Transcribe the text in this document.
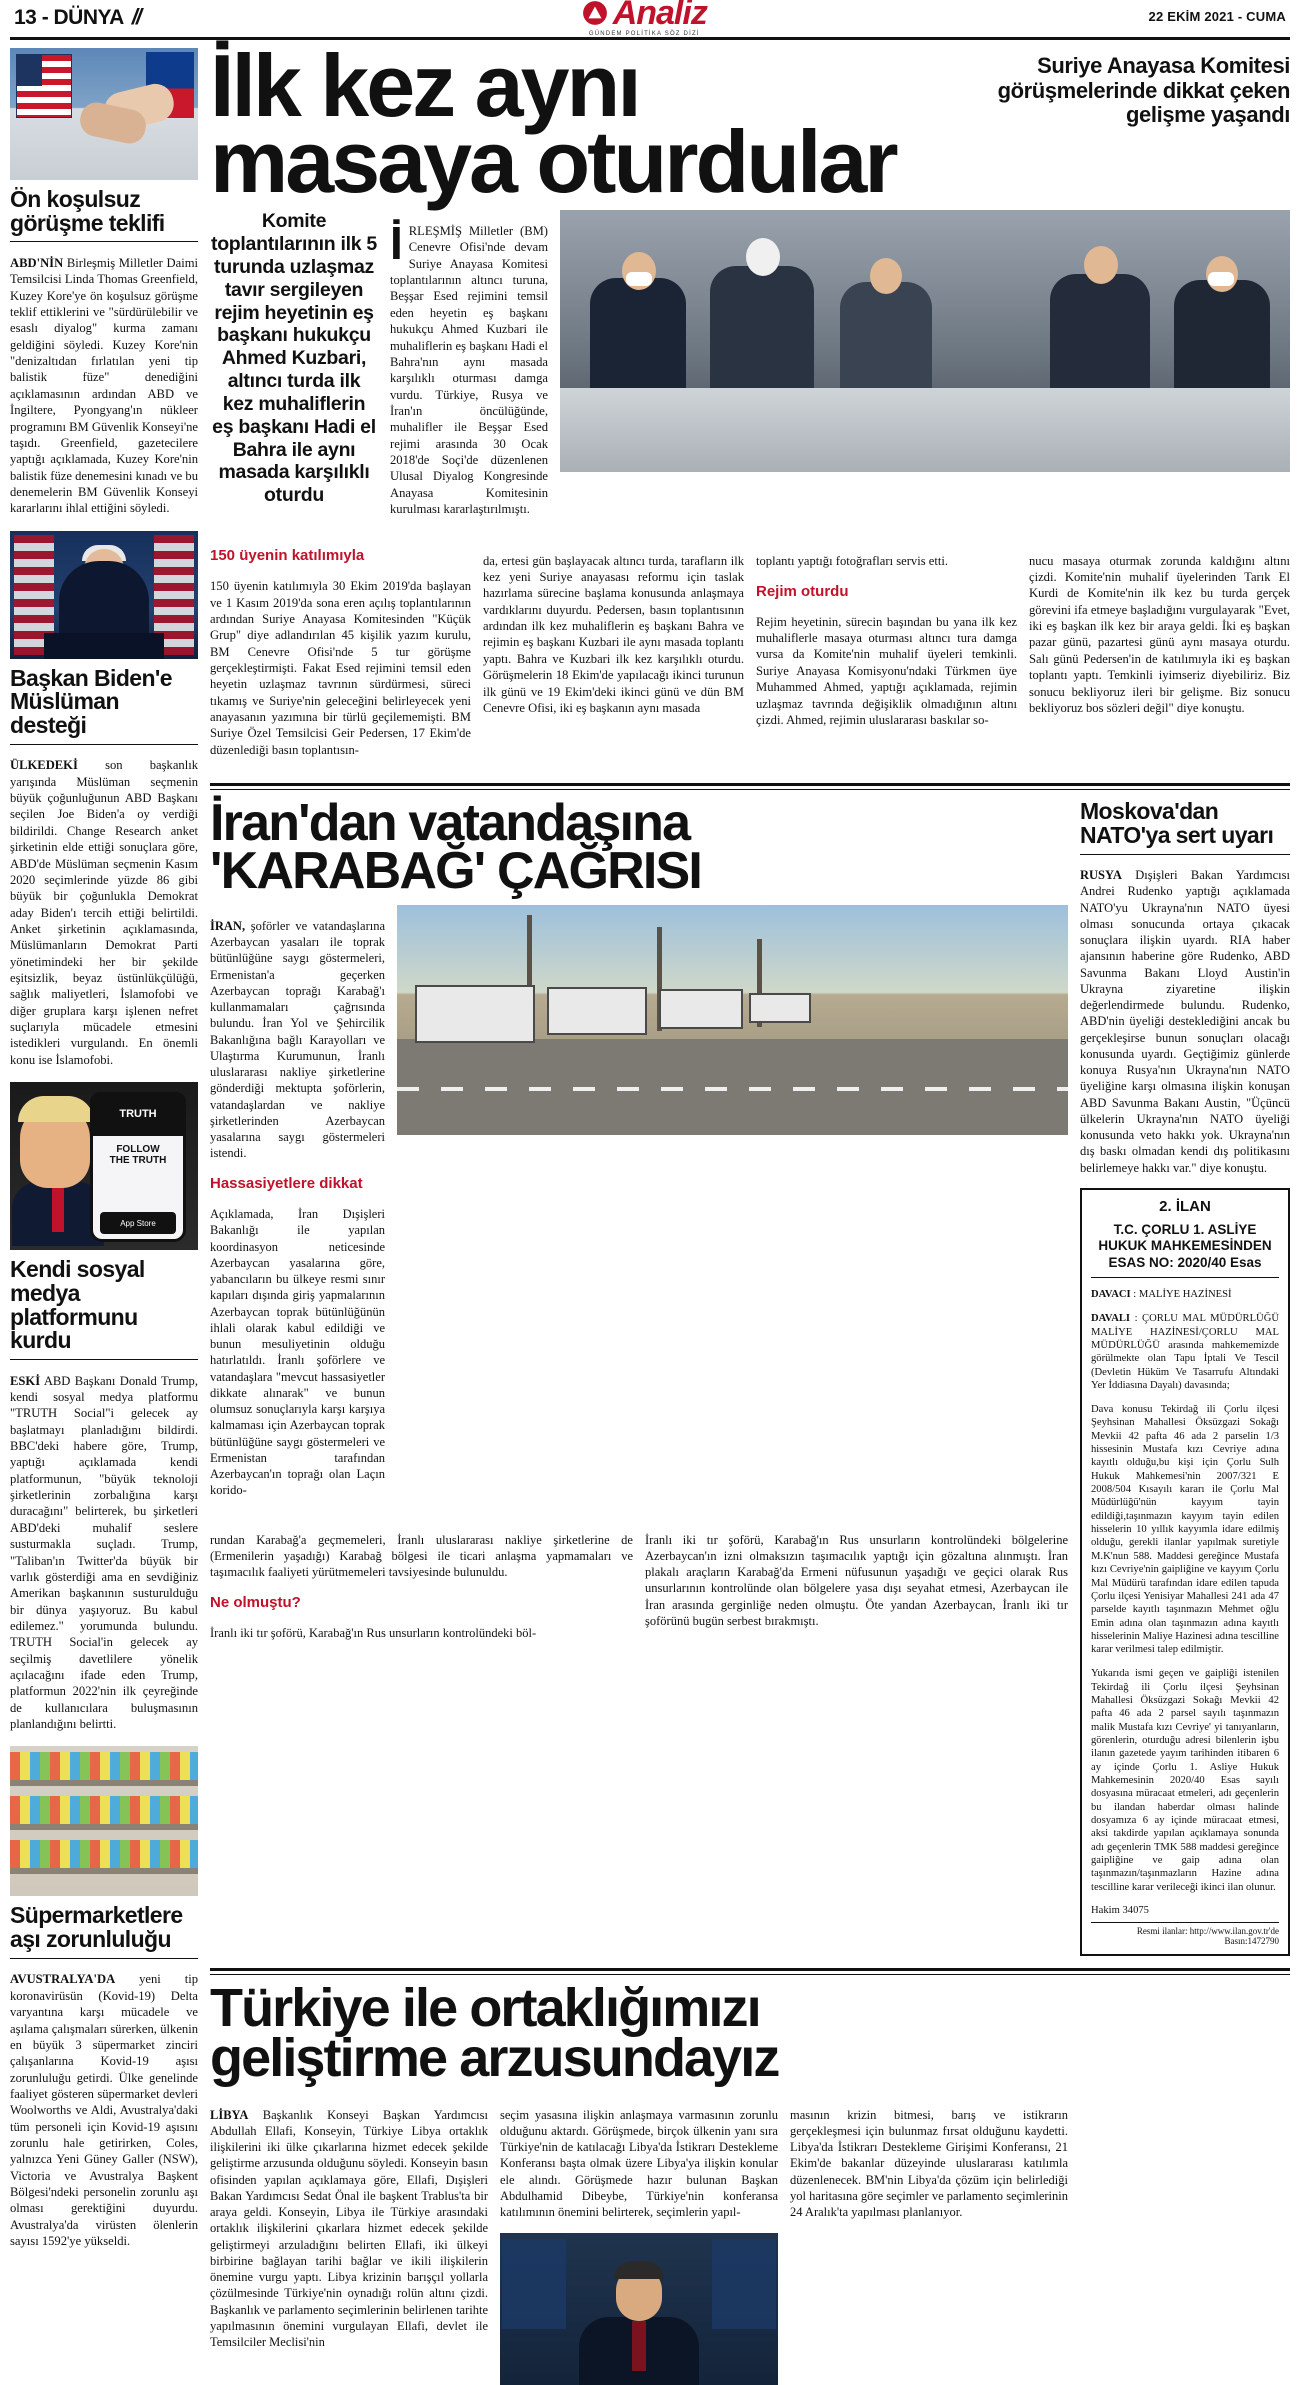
13 - DÜNYA //	Analiz
GÜNDEM POLİTİKA SÖZ DİZİ
22 EKİM 2021 - CUMA
Ön koşulsuz görüşme teklifi

ABD'NİN Birleşmiş Milletler Daimi Temsilcisi Linda Thomas Greenfield, Kuzey Kore'ye ön koşulsuz görüşme teklif ettiklerini ve "sürdürülebilir ve esaslı diyalog" kurma zamanı geldiğini söyledi. Kuzey Kore'nin "denizaltıdan fırlatılan yeni tip balistik füze" denediğini açıklamasının ardından ABD ve İngiltere, Pyongyang'ın nükleer programını BM Güvenlik Konseyi'ne taşıdı. Greenfield, gazetecilere yaptığı açıklamada, Kuzey Kore'nin balistik füze denemesini kınadı ve bu denemelerin BM Güvenlik Konseyi kararlarını ihlal ettiğini söyledi.

Başkan Biden'e Müslüman desteği

ÜLKEDEKİ son başkanlık yarışında Müslüman seçmenin büyük çoğunluğunun ABD Başkanı seçilen Joe Biden'a oy verdiği bildirildi. Change Research anket şirketinin elde ettiği sonuçlara göre, ABD'de Müslüman seçmenin Kasım 2020 seçimlerinde yüzde 86 gibi büyük bir çoğunlukla Demokrat aday Biden'ı tercih ettiği belirtildi. Anket şirketinin açıklamasında, Müslümanların Demokrat Parti yönetimindeki her bir şekilde eşitsizlik, beyaz üstünlükçülüğü, sağlık maliyetleri, İslamofobi ve diğer gruplara karşı işlenen nefret suçlarıyla mücadele etmesini istedikleri vurgulandı. En önemli konu ise İslamofobi.

TRUTH
FOLLOW
THE TRUTH
App Store
Kendi sosyal medya platformunu kurdu

ESKİ ABD Başkanı Donald Trump, kendi sosyal medya platformu "TRUTH Social"i gelecek ay başlatmayı planladığını bildirdi. BBC'deki habere göre, Trump, yaptığı açıklamada kendi platformunun, "büyük teknoloji şirketlerinin zorbalığına karşı duracağını" belirterek, bu şirketleri ABD'deki muhalif seslere susturmakla suçladı. Trump, "Taliban'ın Twitter'da büyük bir varlık gösterdiği ama en sevdiğiniz Amerikan başkanının susturulduğu bir dünya yaşıyoruz. Bu kabul edilemez." yorumunda bulundu. TRUTH Social'in gelecek ay seçilmiş davetlilere yönelik açılacağını ifade eden Trump, platformun 2022'nin ilk çeyreğinde de kullanıcılara buluşmasının planlandığını belirtti.

Süpermarketlere aşı zorunluluğu

AVUSTRALYA'DA yeni tip koronavirüsün (Kovid-19) Delta varyantına karşı mücadele ve aşılama çalışmaları sürerken, ülkenin en büyük 3 süpermarket zinciri çalışanlarına Kovid-19 aşısı zorunluluğu getirdi. Ülke genelinde faaliyet gösteren süpermarket devleri Woolworths ve Aldi, Avustralya'daki tüm personeli için Kovid-19 aşısını zorunlu hale getirirken, Coles, yalnızca Yeni Güney Galler (NSW), Victoria ve Avustralya Başkent Bölgesi'ndeki personelin zorunlu aşı olması gerektiğini duyurdu. Avustralya'da virüsten ölenlerin sayısı 1592'ye yükseldi.

İlk kez aynı	Suriye Anayasa Komitesi görüşmelerinde dikkat çeken gelişme yaşandı
masaya oturdular
Komite toplantılarının ilk 5 turunda uzlaşmaz tavır sergileyen rejim heyetinin eş başkanı hukukçu Ahmed Kuzbari, altıncı turda ilk kez muhaliflerin eş başkanı Hadi el Bahra ile aynı masada karşılıklı oturdu

İRLEŞMİŞ Milletler (BM) Cenevre Ofisi'nde devam Suriye Anayasa Komitesi toplantılarının altıncı turuna, Beşşar Esed rejimini temsil eden heyetin eş başkanı hukukçu Ahmed Kuzbari ile muhaliflerin eş başkanı Hadi el Bahra'nın aynı masada karşılıklı oturması damga vurdu. Türkiye, Rusya ve İran'ın öncülüğünde, muhalifler ile Beşşar Esed rejimi arasında 30 Ocak 2018'de Soçi'de düzenlenen Ulusal Diyalog Kongresinde Anayasa Komitesinin kurulması kararlaştırılmıştı.

150 üyenin katılımıyla

150 üyenin katılımıyla 30 Ekim 2019'da başlayan ve 1 Kasım 2019'da sona eren açılış toplantılarının ardından Suriye Anayasa Komitesinden "Küçük Grup" diye adlandırılan 45 kişilik yazım kurulu, BM Cenevre Ofisi'nde 5 tur görüşme gerçekleştirmişti. Fakat Esed rejimini temsil eden heyetin uzlaşmaz tavrının sürdürmesi, süreci tıkamış ve Suriye'nin geleceğini belirleyecek yeni anayasanın yazımına bir türlü geçilememişti. BM Suriye Özel Temsilcisi Geir Pedersen, 17 Ekim'de düzenlediği basın toplantısın-

da, ertesi gün başlayacak altıncı turda, tarafların ilk kez yeni Suriye anayasası reformu için taslak hazırlama sürecine başlama konusunda anlaşmaya vardıklarını duyurdu. Pedersen, basın toplantısının ardından ilk kez muhaliflerin eş başkanı Bahra ve rejimin eş başkanı Kuzbari ile aynı masada toplantı yaptı. Bahra ve Kuzbari ilk kez karşılıklı oturdu. Görüşmelerin 18 Ekim'de yapılacağı ikinci turunun ilk günü ve 19 Ekim'deki ikinci günü ve dün BM Cenevre Ofisi, iki eş başkanın aynı masada

toplantı yaptığı fotoğrafları servis etti.

Rejim oturdu

Rejim heyetinin, sürecin başından bu yana ilk kez muhaliflerle masaya oturması altıncı tura damga vursa da Komite'nin muhalif üyeleri temkinli. Suriye Anayasa Komisyonu'ndaki Türkmen üye Muhammed Ahmed, yaptığı açıklamada, rejimin uzlaşmaz tavrında değişiklik olmadığının altını çizdi. Ahmed, rejimin uluslararası baskılar so-

nucu masaya oturmak zorunda kaldığını altını çizdi. Komite'nin muhalif üyelerinden Tarık El Kurdi de Komite'nin ilk kez bu turda gerçek görevini ifa etmeye başladığını vurgulayarak "Evet, iki eş başkan ilk kez bir araya geldi. İki eş başkan pazar günü, pazartesi günü aynı masaya oturdu. Salı günü Pedersen'in de katılımıyla iki eş başkan toplantı yaptı. Temkinli iyimseriz diyebiliriz. Biz sonucu bekliyoruz ileri bir gelişme. Biz sonucu bekliyoruz bos sözleri değil" diye konuştu.

İran'dan vatandaşına
'KARABAĞ' ÇAĞRISI

İRAN, şoförler ve vatandaşlarına Azerbaycan yasaları ile toprak bütünlüğüne saygı göstermeleri, Ermenistan'a geçerken Azerbaycan toprağı Karabağ'ı kullanmamaları çağrısında bulundu. İran Yol ve Şehircilik Bakanlığına bağlı Karayolları ve Ulaştırma Kurumunun, İranlı uluslararası nakliye şirketlerine gönderdiği mektupta şoförlerin, vatandaşlardan ve nakliye şirketlerinden Azerbaycan yasalarına saygı göstermeleri istendi.

Hassasiyetlere dikkat

Açıklamada, İran Dışişleri Bakanlığı ile yapılan koordinasyon neticesinde Azerbaycan yasalarına göre, yabancıların bu ülkeye resmi sınır kapıları dışında giriş yapmalarının Azerbaycan toprak bütünlüğünün ihlali olarak kabul edildiği ve bunun mesuliyetinin olduğu hatırlatıldı. İranlı şoförlere ve vatandaşlara "mevcut hassasiyetler dikkate alınarak" ve bunun olumsuz sonuçlarıyla karşı karşıya kalmaması için Azerbaycan toprak bütünlüğüne saygı göstermeleri ve Ermenistan tarafından Azerbaycan'ın toprağı olan Laçın korido-

rundan Karabağ'a geçmemeleri, İranlı uluslararası nakliye şirketlerine de (Ermenilerin yaşadığı) Karabağ bölgesi ile ticari anlaşma yapmamaları ve taşımacılık faaliyeti yürütmemeleri tavsiyesinde bulunuldu.

Ne olmuştu?

İranlı iki tır şoförü, Karabağ'ın Rus unsurların kontrolündeki böl-

İranlı iki tır şoförü, Karabağ'ın Rus unsurların kontrolündeki bölgelerine Azerbaycan'ın izni olmaksızın taşımacılık yaptığı için gözaltına alınmıştı. İran plakalı araçların Karabağ'da Ermeni nüfusunun yaşadığı ve geçici olarak Rus unsurlarının kontrolünde olan bölgelere yasa dışı seyahat etmesi, Azerbaycan ile İran arasında gerginliğe neden olmuştu. Öte yandan Azerbaycan, İranlı iki tır şoförünü bugün serbest bırakmıştı.

Moskova'dan NATO'ya sert uyarı

RUSYA Dışişleri Bakan Yardımcısı Andrei Rudenko yaptığı açıklamada NATO'yu Ukrayna'nın NATO üyesi olması sonucunda ortaya çıkacak sonuçlara ilişkin uyardı. RIA haber ajansının haberine göre Rudenko, ABD Savunma Bakanı Lloyd Austin'in Ukrayna ziyaretine ilişkin değerlendirmede bulundu. Rudenko, ABD'nin üyeliği desteklediğini ancak bu gerçekleşirse bunun sonuçları olacağı konusunda uyardı. Geçtiğimiz günlerde konuya Rusya'nın Ukrayna'nın NATO üyeliğine karşı olmasına ilişkin konuşan ABD Savunma Bakanı Austin, "Üçüncü ülkelerin Ukrayna'nın NATO üyeliği konusunda veto hakkı yok. Ukrayna'nın dış baskı olmadan kendi dış politikasını belirlemeye hakkı var." diye konuştu.

2. İLAN
T.C. ÇORLU 1. ASLİYE HUKUK MAHKEMESİNDEN ESAS NO: 2020/40 Esas

DAVACI : MALİYE HAZİNESİ

DAVALI : ÇORLU MAL MÜDÜRLÜĞÜ MALİYE HAZİNESİ/ÇORLU MAL MÜDÜRLÜĞÜ arasında mahkememizde görülmekte olan Tapu İptali Ve Tescil (Devletin Hüküm Ve Tasarrufu Altındaki Yer İddiasına Dayalı) davasında;

Dava konusu Tekirdağ ili Çorlu ilçesi Şeyhsinan Mahallesi Öksüzgazi Sokağı Mevkii 42 pafta 46 ada 2 parselin 1/3 hissesinin Mustafa kızı Cevriye adına kayıtlı olduğu,bu kişi için Çorlu Sulh Hukuk Mahkemesi'nin 2007/321 E 2008/504 Kısayılı kararı ile Çorlu Mal Müdürlüğü'nün kayyım tayin edildiği,taşınmazın kayyım tayin edilen hisselerin 10 yıllık kayyımla idare edilmiş olduğu, gerekli ilanlar yapılmak suretiyle M.K'nun 588. Maddesi gereğince Mustafa kızı Cevriye'nin gaipliğine ve kayyım Çorlu Mal Müdürü tarafından idare edilen tapuda Çorlu ilçesi Yenisiyar Mahallesi 241 ada 47 parselde kayıtlı taşınmazın Mehmet oğlu Emin adına olan taşınmazın adına kayıtlı hisselerinin Maliye Hazinesi adına tescilline karar verilmesi talep edilmiştir.

Yukarıda ismi geçen ve gaipliği istenilen Tekirdağ ili Çorlu ilçesi Şeyhsinan Mahallesi Öksüzgazi Sokağı Mevkii 42 pafta 46 ada 2 parsel sayılı taşınmazın malik Mustafa kızı Cevriye' yi tanıyanların, görenlerin, oturduğu adresi bilenlerin işbu ilanın gazetede yayım tarihinden itibaren 6 ay içinde Çorlu 1. Asliye Hukuk Mahkemesinin 2020/40 Esas sayılı dosyasına müracaat etmeleri, adı geçenlerin bu ilandan haberdar olması halinde dosyamıza 6 ay içinde müracaat etmesi, aksi takdirde yapılan açıklamaya sonunda adı geçenlerin TMK 588 maddesi gereğince gaipliğine ve gaip adına olan taşınmazın/taşınmazların Hazine adına tescilline karar verileceği ikinci ilan olunur.

Hakim 34075
Resmi ilanlar: http://www.ilan.gov.tr'de Basın:1472790
Türkiye ile ortaklığımızı
geliştirme arzusundayız

LİBYA Başkanlık Konseyi Başkan Yardımcısı Abdullah Ellafi, Konseyin, Türkiye Libya ortaklık ilişkilerini iki ülke çıkarlarına hizmet edecek şekilde geliştirme arzusunda olduğunu söyledi. Konseyin basın ofisinden yapılan açıklamaya göre, Ellafi, Dışişleri Bakan Yardımcısı Sedat Önal ile başkent Trablus'ta bir araya geldi. Konseyin, Libya ile Türkiye arasındaki ortaklık ilişkilerini çıkarlara hizmet edecek şekilde geliştirmeyi arzuladığını belirten Ellafi, iki ülkeyi birbirine bağlayan tarihi bağlar ve ikili ilişkilerin önemine vurgu yaptı. Libya krizinin barışçıl yollarla çözülmesinde Türkiye'nin oynadığı rolün altını çizdi. Başkanlık ve parlamento seçimlerinin belirlenen tarihte yapılmasının önemini vurgulayan Ellafi, devlet ile Temsilciler Meclisi'nin

seçim yasasına ilişkin anlaşmaya varmasının zorunlu olduğunu aktardı. Görüşmede, birçok ülkenin yanı sıra Türkiye'nin de katılacağı Libya'da İstikrarı Destekleme Konferansı başta olmak üzere Libya'ya ilişkin konular ele alındı. Görüşmede hazır bulunan Başkan Abdulhamid Dibeybe, Türkiye'nin konferansa katılımının önemini belirterek, seçimlerin yapıl-

masının krizin bitmesi, barış ve istikrarın gerçekleşmesi için bulunmaz fırsat olduğunu kaydetti. Libya'da İstikrarı Destekleme Girişimi Konferansı, 21 Ekim'de bakanlar düzeyinde uluslararası katılımla düzenlenecek. BM'nin Libya'da çözüm için belirlediği yol haritasına göre seçimler ve parlamento seçimlerinin 24 Aralık'ta yapılması planlanıyor.
